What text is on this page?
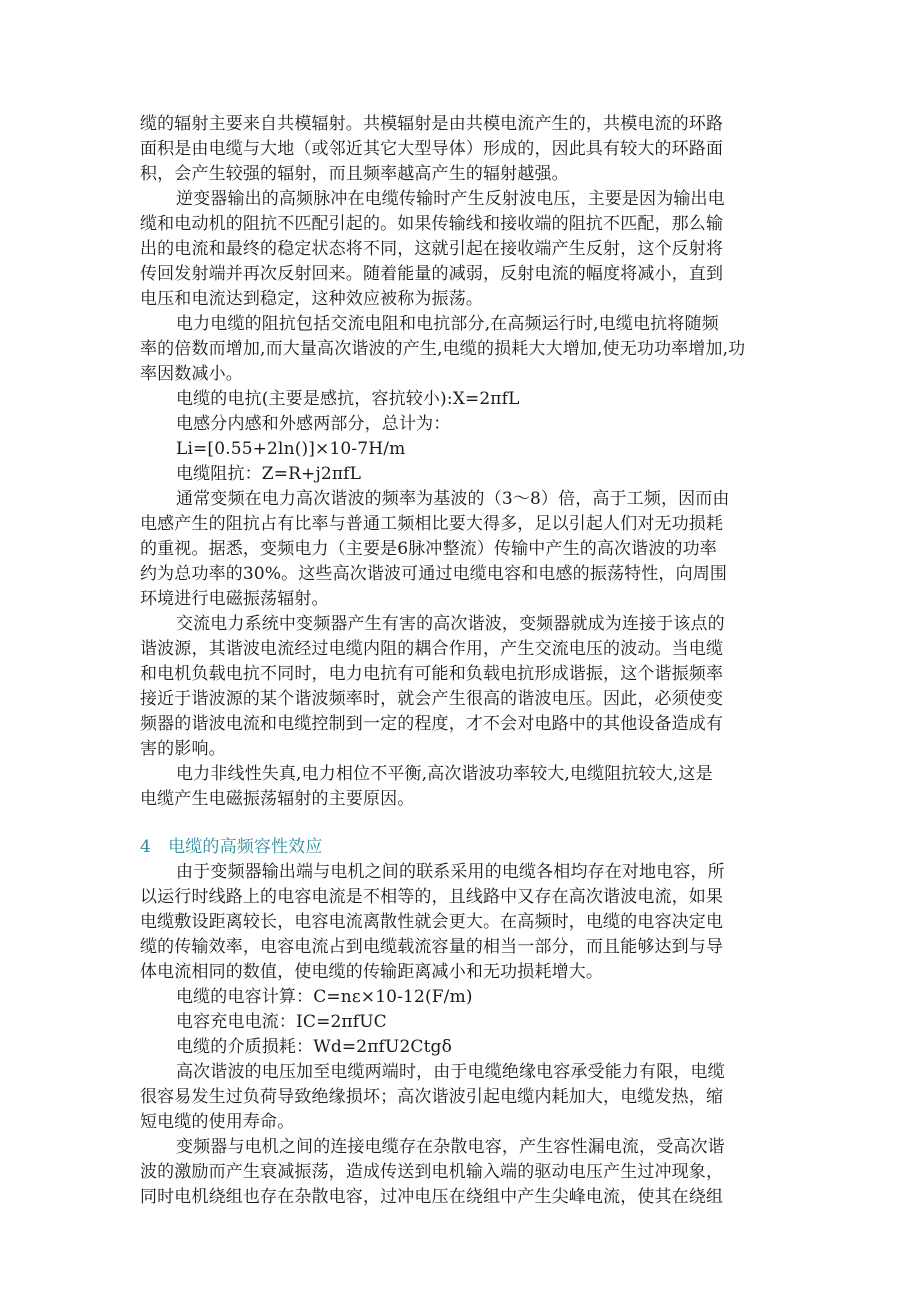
缆的辐射主要来自共模辐射。共模辐射是由共模电流产生的，共模电流的环路
面积是由电缆与大地（或邻近其它大型导体）形成的，因此具有较大的环路面
积，会产生较强的辐射，而且频率越高产生的辐射越强。
逆变器输出的高频脉冲在电缆传输时产生反射波电压，主要是因为输出电
缆和电动机的阻抗不匹配引起的。如果传输线和接收端的阻抗不匹配，那么输
出的电流和最终的稳定状态将不同，这就引起在接收端产生反射，这个反射将
传回发射端并再次反射回来。随着能量的减弱，反射电流的幅度将减小，直到
电压和电流达到稳定，这种效应被称为振荡。
电力电缆的阻抗包括交流电阻和电抗部分,在高频运行时,电缆电抗将随频
率的倍数而增加,而大量高次谐波的产生,电缆的损耗大大增加,使无功功率增加,功
率因数减小。
电缆的电抗(主要是感抗，容抗较小):X=2πfL
电感分内感和外感两部分，总计为：
Li=[0.55+2ln()]×10-7H/m
电缆阻抗：Z=R+j2πfL
通常变频在电力高次谐波的频率为基波的（3～8）倍，高于工频，因而由
电感产生的阻抗占有比率与普通工频相比要大得多，足以引起人们对无功损耗
的重视。据悉，变频电力（主要是6脉冲整流）传输中产生的高次谐波的功率
约为总功率的30%。这些高次谐波可通过电缆电容和电感的振荡特性，向周围
环境进行电磁振荡辐射。
交流电力系统中变频器产生有害的高次谐波，变频器就成为连接于该点的
谐波源，其谐波电流经过电缆内阻的耦合作用，产生交流电压的波动。当电缆
和电机负载电抗不同时，电力电抗有可能和负载电抗形成谐振，这个谐振频率
接近于谐波源的某个谐波频率时，就会产生很高的谐波电压。因此，必须使变
频器的谐波电流和电缆控制到一定的程度，才不会对电路中的其他设备造成有
害的影响。
电力非线性失真,电力相位不平衡,高次谐波功率较大,电缆阻抗较大,这是
电缆产生电磁振荡辐射的主要原因。
4　电缆的高频容性效应
由于变频器输出端与电机之间的联系采用的电缆各相均存在对地电容，所
以运行时线路上的电容电流是不相等的，且线路中又存在高次谐波电流，如果
电缆敷设距离较长，电容电流离散性就会更大。在高频时，电缆的电容决定电
缆的传输效率，电容电流占到电缆载流容量的相当一部分，而且能够达到与导
体电流相同的数值，使电缆的传输距离减小和无功损耗增大。
电缆的电容计算：C=nε×10-12(F/m)
电容充电电流：IC=2πfUC
电缆的介质损耗：Wd=2πfU2Ctgδ
高次谐波的电压加至电缆两端时，由于电缆绝缘电容承受能力有限，电缆
很容易发生过负荷导致绝缘损坏；高次谐波引起电缆内耗加大，电缆发热，缩
短电缆的使用寿命。
变频器与电机之间的连接电缆存在杂散电容，产生容性漏电流，受高次谐
波的激励而产生衰减振荡，造成传送到电机输入端的驱动电压产生过冲现象，
同时电机绕组也存在杂散电容，过冲电压在绕组中产生尖峰电流，使其在绕组
